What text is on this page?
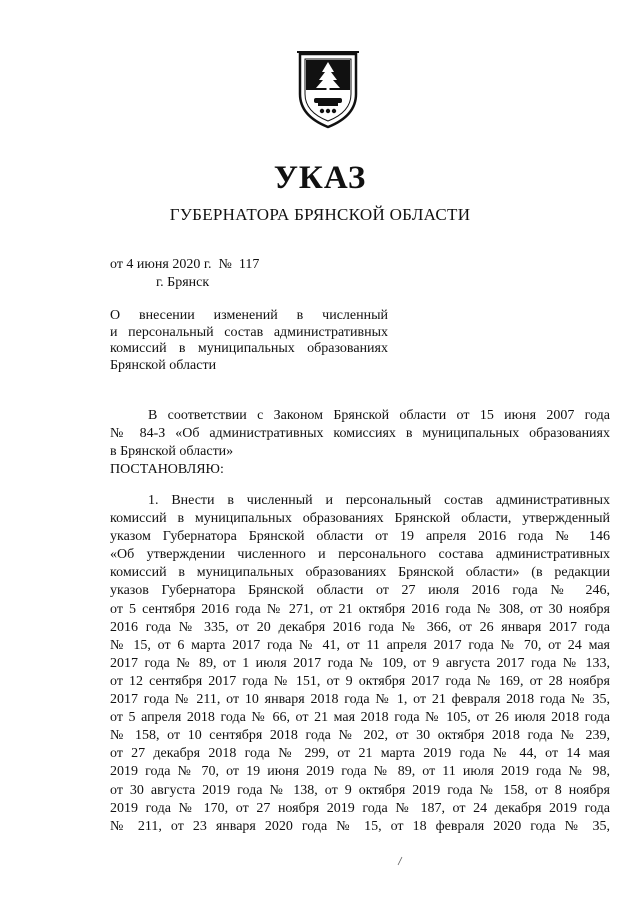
УКАЗ
ГУБЕРНАТОРА БРЯНСКОЙ ОБЛАСТИ
от 4 июня 2020 г.  №  117
г. Брянск
О внесении изменений в численный
и персональный состав административных
комиссий в муниципальных образованиях
Брянской области
В соответствии с Законом Брянской области от 15 июня 2007 года
№ 84-З «Об административных комиссиях в муниципальных образованиях
в Брянской области»
ПОСТАНОВЛЯЮ:
1. Внести в численный и персональный состав административных
комиссий в муниципальных образованиях Брянской области, утвержденный
указом Губернатора Брянской области от 19 апреля 2016 года № 146
«Об утверждении численного и персонального состава административных
комиссий в муниципальных образованиях Брянской области» (в редакции
указов Губернатора Брянской области от 27 июля 2016 года № 246,
от 5 сентября 2016 года № 271, от 21 октября 2016 года № 308, от 30 ноября
2016 года № 335, от 20 декабря 2016 года № 366, от 26 января 2017 года
№ 15, от 6 марта 2017 года № 41, от 11 апреля 2017 года № 70, от 24 мая
2017 года № 89, от 1 июля 2017 года № 109, от 9 августа 2017 года № 133,
от 12 сентября 2017 года № 151, от 9 октября 2017 года № 169, от 28 ноября
2017 года № 211, от 10 января 2018 года № 1, от 21 февраля 2018 года № 35,
от 5 апреля 2018 года № 66, от 21 мая 2018 года № 105, от 26 июля 2018 года
№ 158, от 10 сентября 2018 года № 202, от 30 октября 2018 года № 239,
от 27 декабря 2018 года № 299, от 21 марта 2019 года № 44, от 14 мая
2019 года № 70, от 19 июня 2019 года № 89, от 11 июля 2019 года № 98,
от 30 августа 2019 года № 138, от 9 октября 2019 года № 158, от 8 ноября
2019 года № 170, от 27 ноября 2019 года № 187, от 24 декабря 2019 года
№ 211, от 23 января 2020 года № 15, от 18 февраля 2020 года № 35,
